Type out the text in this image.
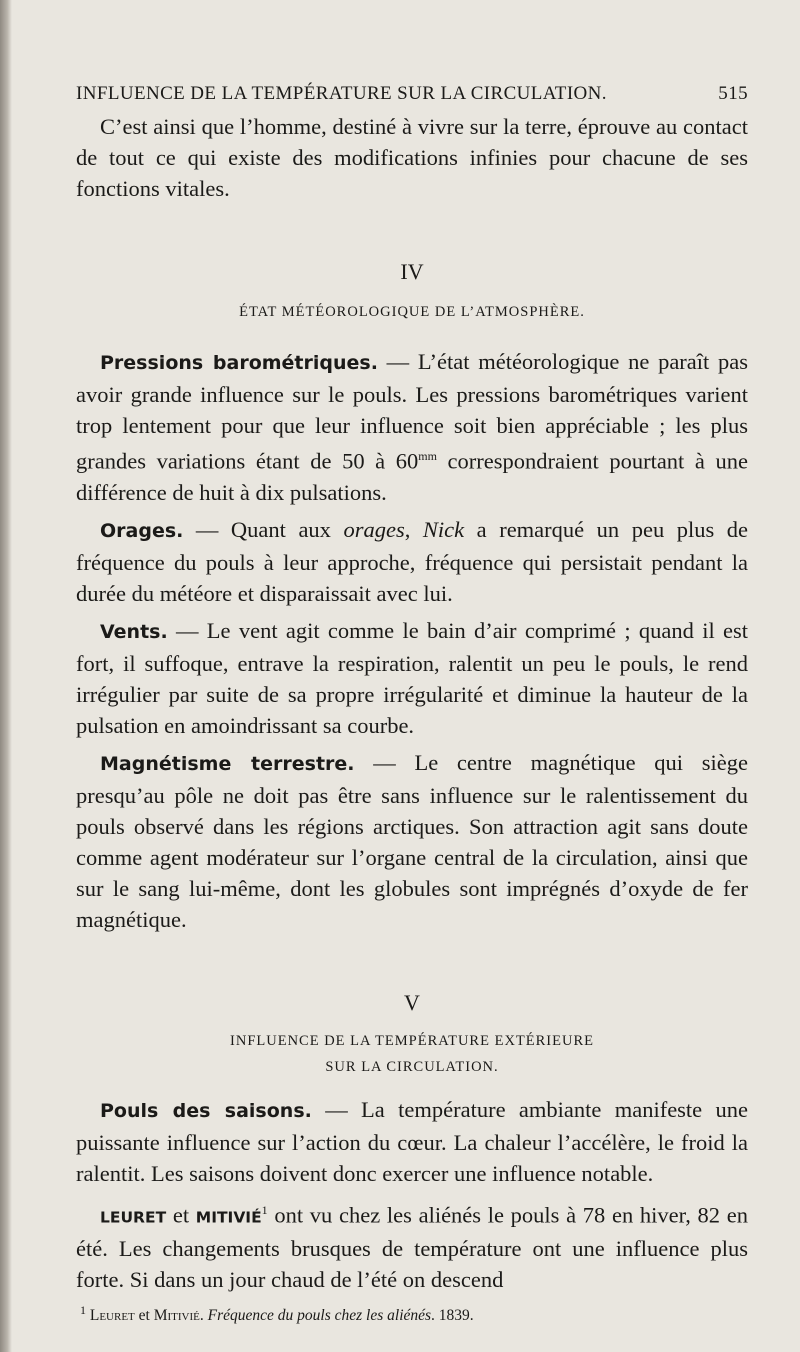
INFLUENCE DE LA TEMPÉRATURE SUR LA CIRCULATION.	515

C’est ainsi que l’homme, destiné à vivre sur la terre, éprouve au contact de tout ce qui existe des modifications infinies pour chacune de ses fonctions vitales.

IV
ÉTAT MÉTÉOROLOGIQUE DE L’ATMOSPHÈRE.

Pressions barométriques. — L’état météorologique ne paraît pas avoir grande influence sur le pouls. Les pressions barométriques varient trop lentement pour que leur influence soit bien appréciable ; les plus grandes variations étant de 50 à $60^{mm}$ correspondraient pourtant à une différence de huit à dix pulsations.

Orages. — Quant aux orages, Nick a remarqué un peu plus de fréquence du pouls à leur approche, fréquence qui persistait pendant la durée du météore et disparaissait avec lui.

Vents. — Le vent agit comme le bain d’air comprimé ; quand il est fort, il suffoque, entrave la respiration, ralentit un peu le pouls, le rend irrégulier par suite de sa propre irrégularité et diminue la hauteur de la pulsation en amoindrissant sa courbe.

Magnétisme terrestre. — Le centre magnétique qui siège presqu’au pôle ne doit pas être sans influence sur le ralentissement du pouls observé dans les régions arctiques. Son attraction agit sans doute comme agent modérateur sur l’organe central de la circulation, ainsi que sur le sang lui-même, dont les globules sont imprégnés d’oxyde de fer magnétique.

V
INFLUENCE DE LA TEMPÉRATURE EXTÉRIEURE
SUR LA CIRCULATION.

Pouls des saisons. — La température ambiante manifeste une puissante influence sur l’action du cœur. La chaleur l’accélère, le froid la ralentit. Les saisons doivent donc exercer une influence notable.

LEURET et MITIVIÉ$^1$ ont vu chez les aliénés le pouls à 78 en hiver, 82 en été. Les changements brusques de température ont une influence plus forte. Si dans un jour chaud de l’été on descend

$^1$ Leuret et Mitivié. Fréquence du pouls chez les aliénés. 1839.
